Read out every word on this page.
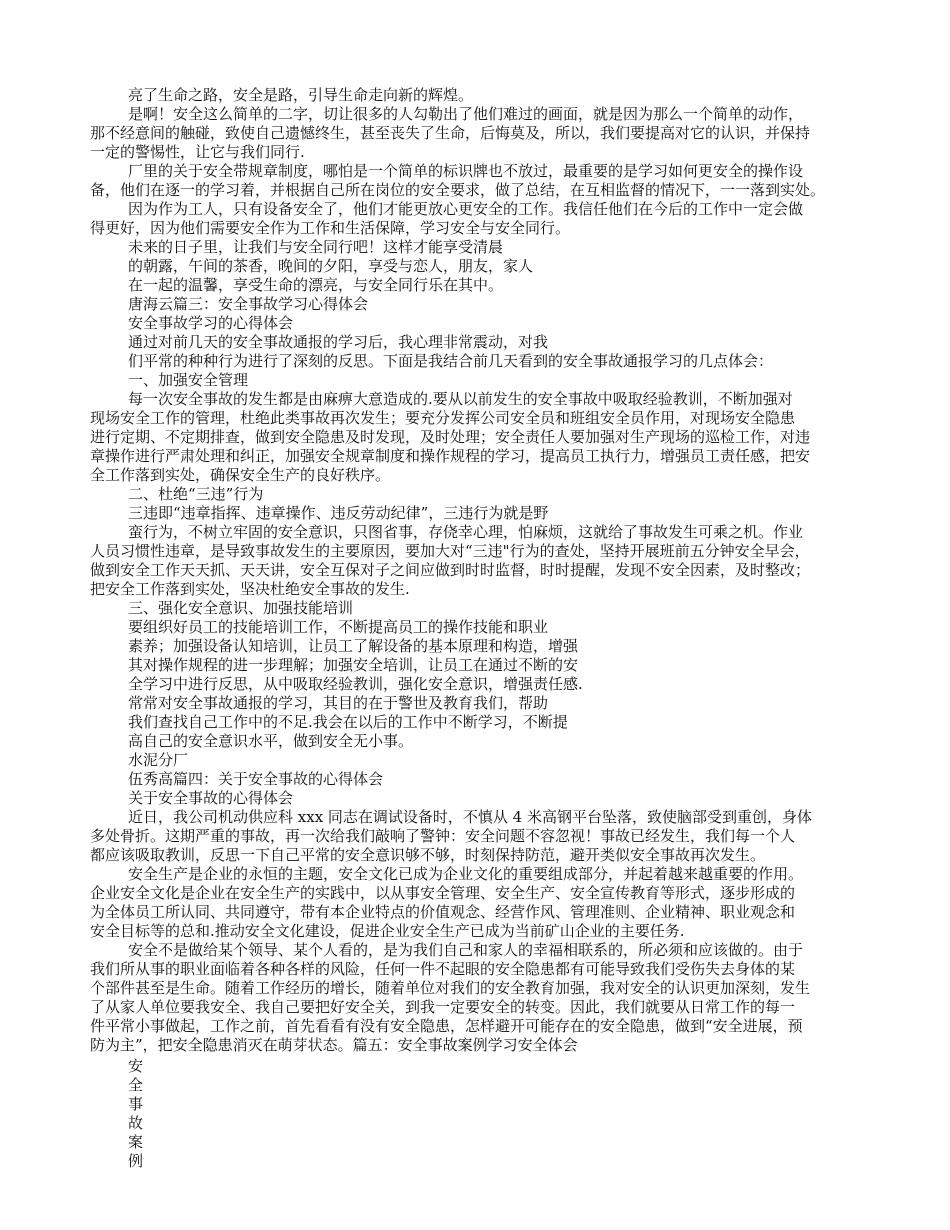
亮了生命之路，安全是路，引导生命走向新的辉煌。
是啊！安全这么简单的二字，切让很多的人勾勒出了他们难过的画面，就是因为那么一个简单的动作，
那不经意间的触碰，致使自己遗憾终生，甚至丧失了生命，后悔莫及，所以，我们要提高对它的认识，并保持
一定的警惕性，让它与我们同行.
厂里的关于安全带规章制度，哪怕是一个简单的标识牌也不放过，最重要的是学习如何更安全的操作设
备，他们在逐一的学习着，并根据自己所在岗位的安全要求，做了总结，在互相监督的情况下，一一落到实处。
因为作为工人，只有设备安全了，他们才能更放心更安全的工作。我信任他们在今后的工作中一定会做
得更好，因为他们需要安全作为工作和生活保障，学习安全与安全同行。
未来的日子里，让我们与安全同行吧！这样才能享受清晨
的朝露，午间的茶香，晚间的夕阳，享受与恋人，朋友，家人
在一起的温馨，享受生命的漂亮，与安全同行乐在其中。
唐海云篇三：安全事故学习心得体会
安全事故学习的心得体会
通过对前几天的安全事故通报的学习后，我心理非常震动，对我
们平常的种种行为进行了深刻的反思。下面是我结合前几天看到的安全事故通报学习的几点体会：
一、加强安全管理
每一次安全事故的发生都是由麻痹大意造成的.要从以前发生的安全事故中吸取经验教训，不断加强对
现场安全工作的管理，杜绝此类事故再次发生；要充分发挥公司安全员和班组安全员作用，对现场安全隐患
进行定期、不定期排查，做到安全隐患及时发现，及时处理；安全责任人要加强对生产现场的巡检工作，对违
章操作进行严肃处理和纠正，加强安全规章制度和操作规程的学习，提高员工执行力，增强员工责任感，把安
全工作落到实处，确保安全生产的良好秩序。
二、杜绝“三违”行为
三违即“违章指挥、违章操作、违反劳动纪律”，三违行为就是野
蛮行为，不树立牢固的安全意识，只图省事，存侥幸心理，怕麻烦，这就给了事故发生可乘之机。作业
人员习惯性违章，是导致事故发生的主要原因，要加大对“三违"行为的查处，坚持开展班前五分钟安全早会，
做到安全工作天天抓、天天讲，安全互保对子之间应做到时时监督，时时提醒，发现不安全因素，及时整改；
把安全工作落到实处，坚决杜绝安全事故的发生.
三、强化安全意识、加强技能培训
要组织好员工的技能培训工作，不断提高员工的操作技能和职业
素养；加强设备认知培训，让员工了解设备的基本原理和构造，增强
其对操作规程的进一步理解；加强安全培训，让员工在通过不断的安
全学习中进行反思，从中吸取经验教训，强化安全意识，增强责任感.
常常对安全事故通报的学习，其目的在于警世及教育我们，帮助
我们查找自己工作中的不足.我会在以后的工作中不断学习，不断提
高自己的安全意识水平，做到安全无小事。
水泥分厂
伍秀高篇四：关于安全事故的心得体会
关于安全事故的心得体会
近日，我公司机动供应科 xxx 同志在调试设备时，不慎从 4 米高钢平台坠落，致使脑部受到重创，身体
多处骨折。这期严重的事故，再一次给我们敲响了警钟：安全问题不容忽视！事故已经发生，我们每一个人
都应该吸取教训，反思一下自己平常的安全意识够不够，时刻保持防范，避开类似安全事故再次发生。
安全生产是企业的永恒的主题，安全文化已成为企业文化的重要组成部分，并起着越来越重要的作用。
企业安全文化是企业在安全生产的实践中，以从事安全管理、安全生产、安全宣传教育等形式，逐步形成的
为全体员工所认同、共同遵守，带有本企业特点的价值观念、经营作风、管理准则、企业精神、职业观念和
安全目标等的总和.推动安全文化建设，促进企业安全生产已成为当前矿山企业的主要任务.
安全不是做给某个领导、某个人看的，是为我们自己和家人的幸福相联系的，所必须和应该做的。由于
我们所从事的职业面临着各种各样的风险，任何一件不起眼的安全隐患都有可能导致我们受伤失去身体的某
个部件甚至是生命。随着工作经历的增长，随着单位对我们的安全教育加强，我对安全的认识更加深刻，发生
了从家人单位要我安全、我自己要把好安全关，到我一定要安全的转变。因此，我们就要从日常工作的每一
件平常小事做起，工作之前，首先看看有没有安全隐患，怎样避开可能存在的安全隐患，做到“安全进展，预
防为主”，把安全隐患消灭在萌芽状态。篇五：安全事故案例学习安全体会
安
全
事
故
案
例
